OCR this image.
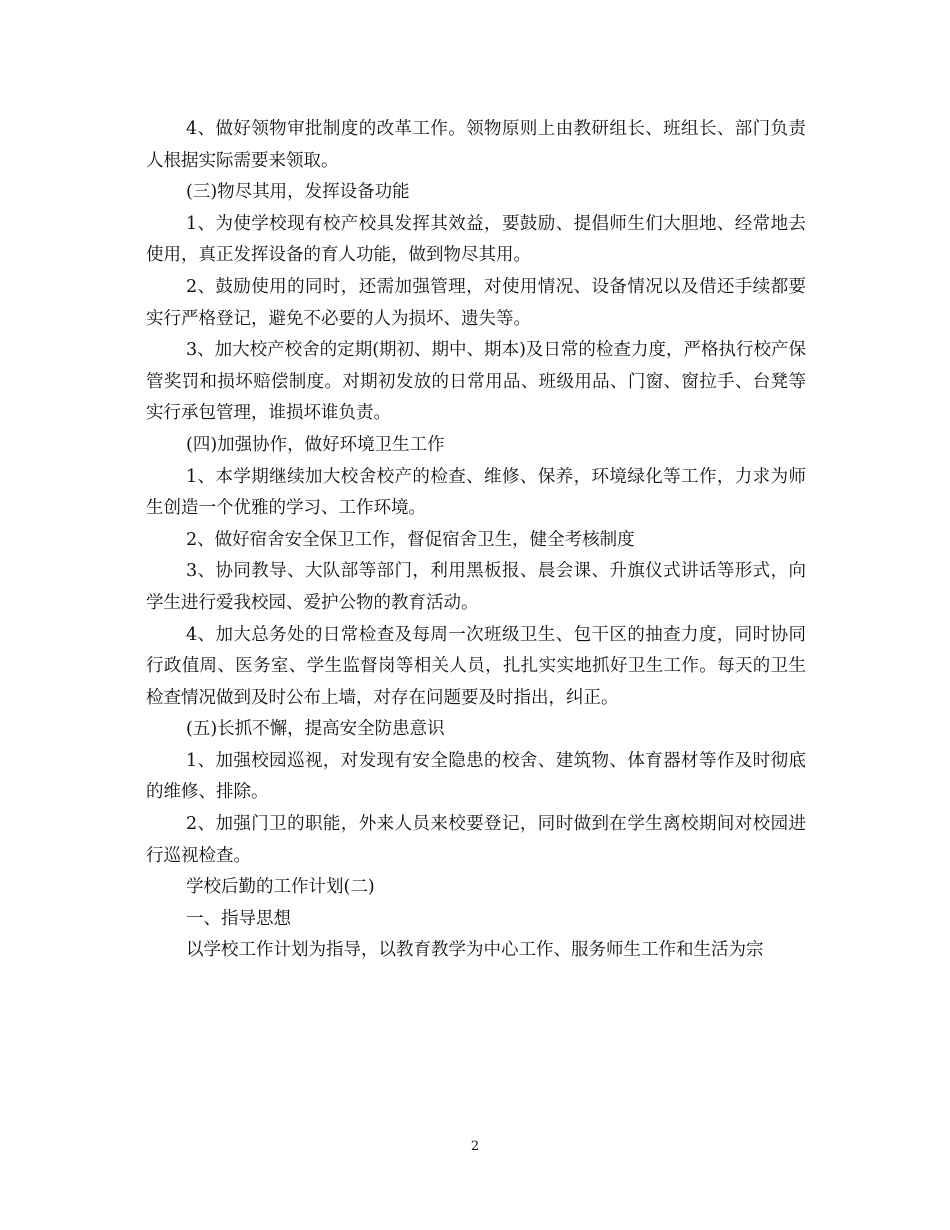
4、做好领物审批制度的改革工作。领物原则上由教研组长、班组长、部门负责人根据实际需要来领取。

(三)物尽其用，发挥设备功能

1、为使学校现有校产校具发挥其效益，要鼓励、提倡师生们大胆地、经常地去使用，真正发挥设备的育人功能，做到物尽其用。

2、鼓励使用的同时，还需加强管理，对使用情况、设备情况以及借还手续都要实行严格登记，避免不必要的人为损坏、遗失等。

3、加大校产校舍的定期(期初、期中、期本)及日常的检查力度，严格执行校产保管奖罚和损坏赔偿制度。对期初发放的日常用品、班级用品、门窗、窗拉手、台凳等实行承包管理，谁损坏谁负责。

(四)加强协作，做好环境卫生工作

1、本学期继续加大校舍校产的检查、维修、保养，环境绿化等工作，力求为师生创造一个优雅的学习、工作环境。

2、做好宿舍安全保卫工作，督促宿舍卫生，健全考核制度

3、协同教导、大队部等部门，利用黑板报、晨会课、升旗仪式讲话等形式，向学生进行爱我校园、爱护公物的教育活动。

4、加大总务处的日常检查及每周一次班级卫生、包干区的抽查力度，同时协同行政值周、医务室、学生监督岗等相关人员，扎扎实实地抓好卫生工作。每天的卫生检查情况做到及时公布上墙，对存在问题要及时指出，纠正。

(五)长抓不懈，提高安全防患意识

1、加强校园巡视，对发现有安全隐患的校舍、建筑物、体育器材等作及时彻底的维修、排除。

2、加强门卫的职能，外来人员来校要登记，同时做到在学生离校期间对校园进行巡视检查。

学校后勤的工作计划(二)

一、指导思想

以学校工作计划为指导，以教育教学为中心工作、服务师生工作和生活为宗

2
